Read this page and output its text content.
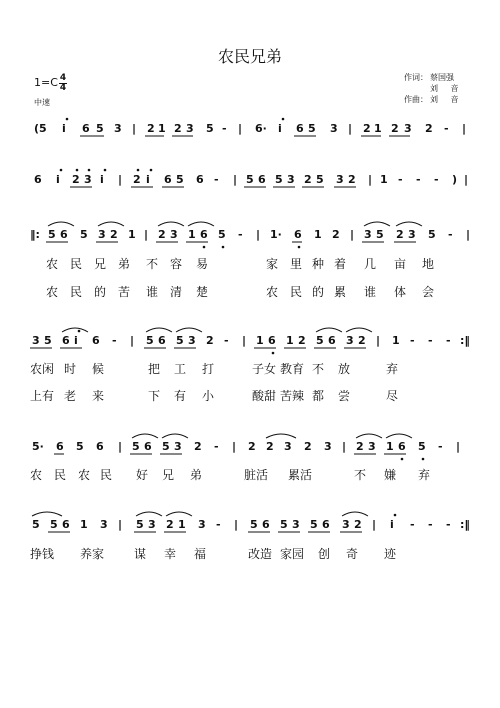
农民兄弟
$1=C \frac{4}{4}$
中速
作词： 蔡国强
刘 音
作曲： 刘 音
(5 i 6 5 3 | 2 1 2 3 5 - | 6· i 6 5 3 | 2 1 2 3 2 - |
6 i 2 3 i | 2 i 6 5 6 - | 5 6 5 3 2 5 3 2 | 1 - - - ) |
‖: 5 6 5 3 2 1 | 2 3 1 6 5 - | 1· 6 1 2 | 3 5 2 3 5 - |
农 民 兄 弟 不 容 易	家 里 种 着 几 亩 地
农 民 的 苦 谁 清 楚	农 民 的 累 谁 体 会
3 5 6 i 6 - | 5 6 5 3 2 - | 1 6 1 2 5 6 3 2 | 1 - - - :‖
农闲 时 候	把 工 打	子女 教育 不 放	弃
上有 老 来	下 有 小	酸甜 苦辣 都 尝	尽
5· 6 5 6 | 5 6 5 3 2 - | 2 2 3 2 3 | 2 3 1 6 5 - |
农 民 农 民 好 兄 弟	脏活 累活	不 嫌 弃
5 5 6 1 3 | 5 3 2 1 3 - | 5 6 5 3 5 6 3 2 | i - - - :‖
挣钱 养家 谋 幸 福	改造 家园 创 奇 迹
